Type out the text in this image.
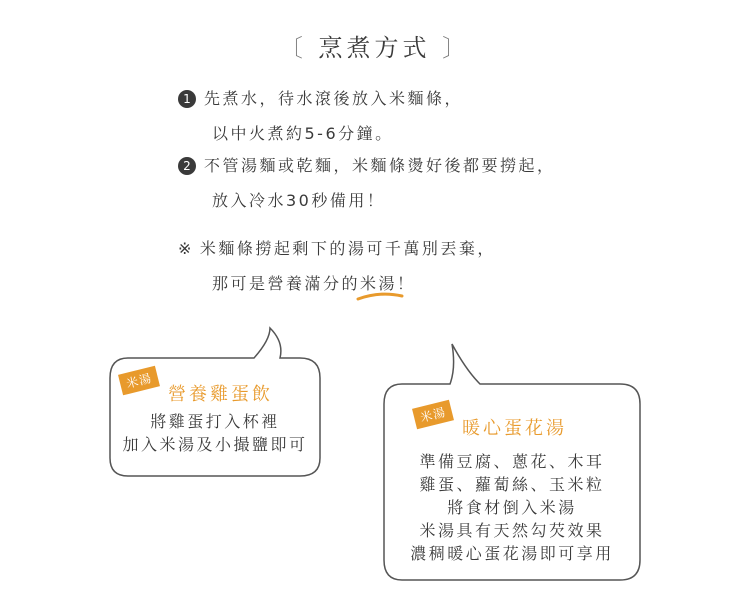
〔 烹煮方式 〕
1 先煮水，待水滾後放入米麵條，
以中火煮約5-6分鐘。
2 不管湯麵或乾麵，米麵條燙好後都要撈起，
放入冷水30秒備用！
※ 米麵條撈起剩下的湯可千萬別丟棄，
那可是營養滿分的米湯
！
米湯
營養雞蛋飲
將雞蛋打入杯裡
加入米湯及小撮鹽即可
米湯
暖心蛋花湯
準備豆腐、蔥花、木耳
雞蛋、蘿蔔絲、玉米粒
將食材倒入米湯
米湯具有天然勾芡效果
濃稠暖心蛋花湯即可享用
